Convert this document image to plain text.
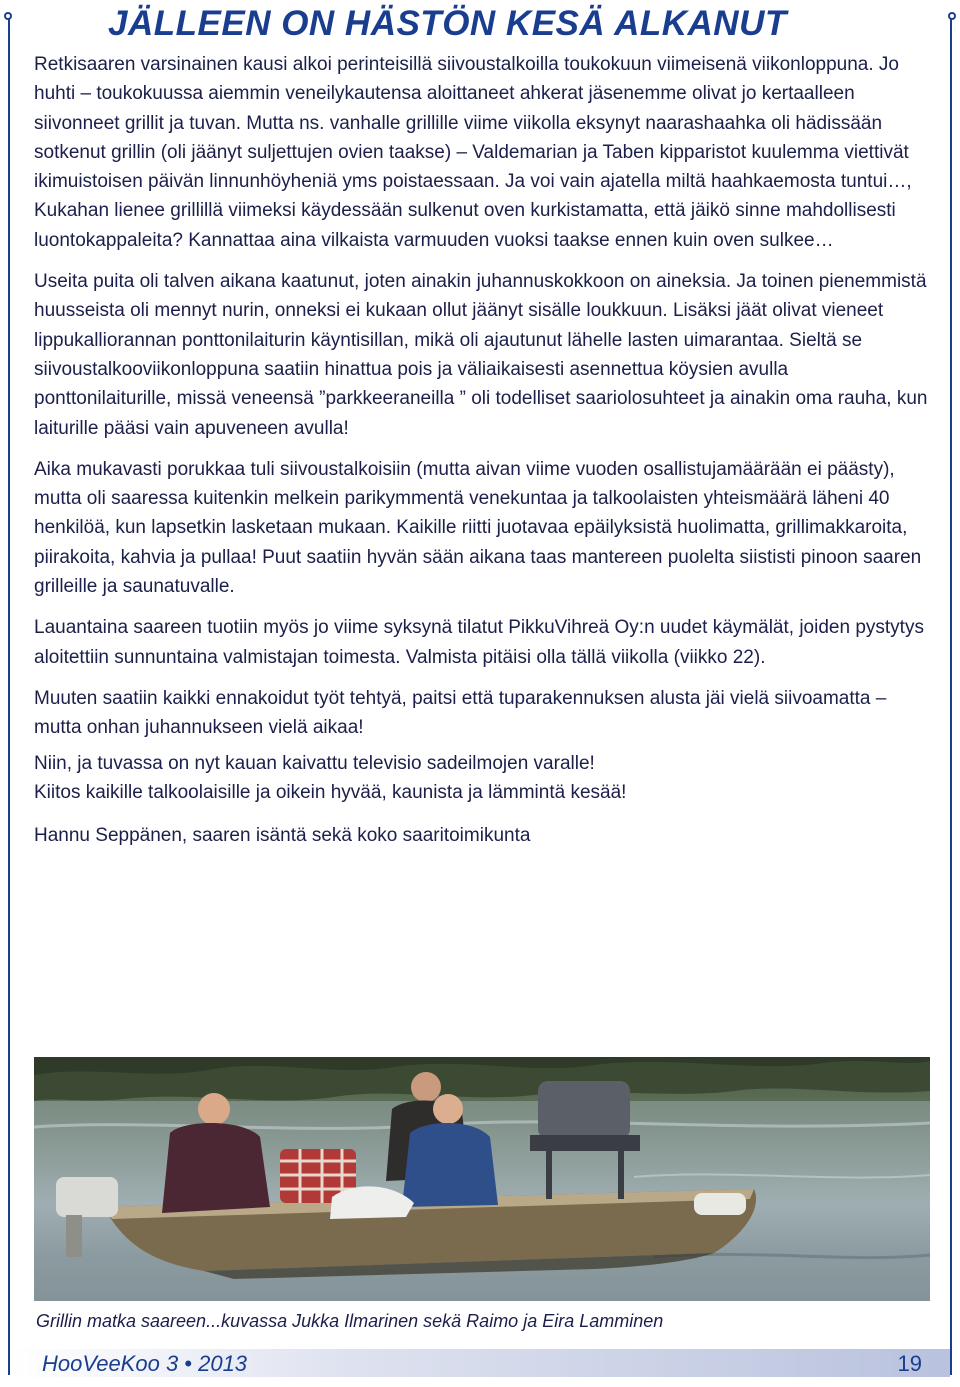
JÄLLEEN ON HÄSTÖN KESÄ ALKANUT

Retkisaaren varsinainen kausi alkoi perinteisillä siivoustalkoilla toukokuun viimeisenä viikonloppuna. Jo huhti – toukokuussa aiemmin veneilykautensa aloittaneet ahkerat jäsenemme olivat jo kertaalleen siivonneet grillit ja tuvan. Mutta ns. vanhalle grillille viime viikolla eksynyt naarashaahka oli hädissään sotkenut grillin (oli jäänyt suljettujen ovien taakse) – Valdemarian ja Taben kipparistot kuulemma viettivät ikimuistoisen päivän linnunhöyheniä yms poistaessaan. Ja voi vain ajatella miltä haahkaemosta tuntui…, Kukahan lienee grillillä viimeksi käydessään sulkenut oven kurkistamatta, että jäikö sinne mahdollisesti luontokappaleita? Kannattaa aina vilkaista varmuuden vuoksi taakse ennen kuin oven sulkee…

Useita puita oli talven aikana kaatunut, joten ainakin juhannuskokkoon on aineksia. Ja toinen pienemmistä huusseista oli mennyt nurin, onneksi ei kukaan ollut jäänyt sisälle loukkuun. Lisäksi jäät olivat vieneet lippukalliorannan ponttonilaiturin käyntisillan, mikä oli ajautunut lähelle lasten uimarantaa. Sieltä se siivoustalkooviikonloppuna saatiin hinattua pois ja väliaikaisesti asennettua köysien avulla ponttonilaiturille, missä veneensä ”parkkeeraneilla ” oli todelliset saariolosuhteet ja ainakin oma rauha, kun laiturille pääsi vain apuveneen avulla!

Aika mukavasti porukkaa tuli siivoustalkoisiin (mutta aivan viime vuoden osallistujamäärään ei päästy), mutta oli saaressa kuitenkin melkein parikymmentä venekuntaa ja talkoolaisten yhteismäärä läheni 40 henkilöä, kun lapsetkin lasketaan mukaan. Kaikille riitti juotavaa epäilyksistä huolimatta, grillimakkaroita, piirakoita, kahvia ja pullaa! Puut saatiin hyvän sään aikana taas mantereen puolelta siististi pinoon saaren grilleille ja saunatuvalle.

Lauantaina saareen tuotiin myös jo viime syksynä tilatut PikkuVihreä Oy:n uudet käymälät, joiden pystytys aloitettiin sunnuntaina valmistajan toimesta. Valmista pitäisi olla tällä viikolla (viikko 22).

Muuten saatiin kaikki ennakoidut työt tehtyä, paitsi että tuparakennuksen alusta jäi vielä siivoamatta – mutta onhan juhannukseen vielä aikaa!

Niin, ja tuvassa on nyt kauan kaivattu televisio sadeilmojen varalle!

Kiitos kaikille talkoolaisille ja oikein hyvää, kaunista ja lämmintä kesää!

Hannu Seppänen, saaren isäntä sekä koko saaritoimikunta

Grillin matka saareen...kuvassa Jukka Ilmarinen sekä Raimo ja Eira Lamminen
HooVeeKoo 3 • 2013	19
